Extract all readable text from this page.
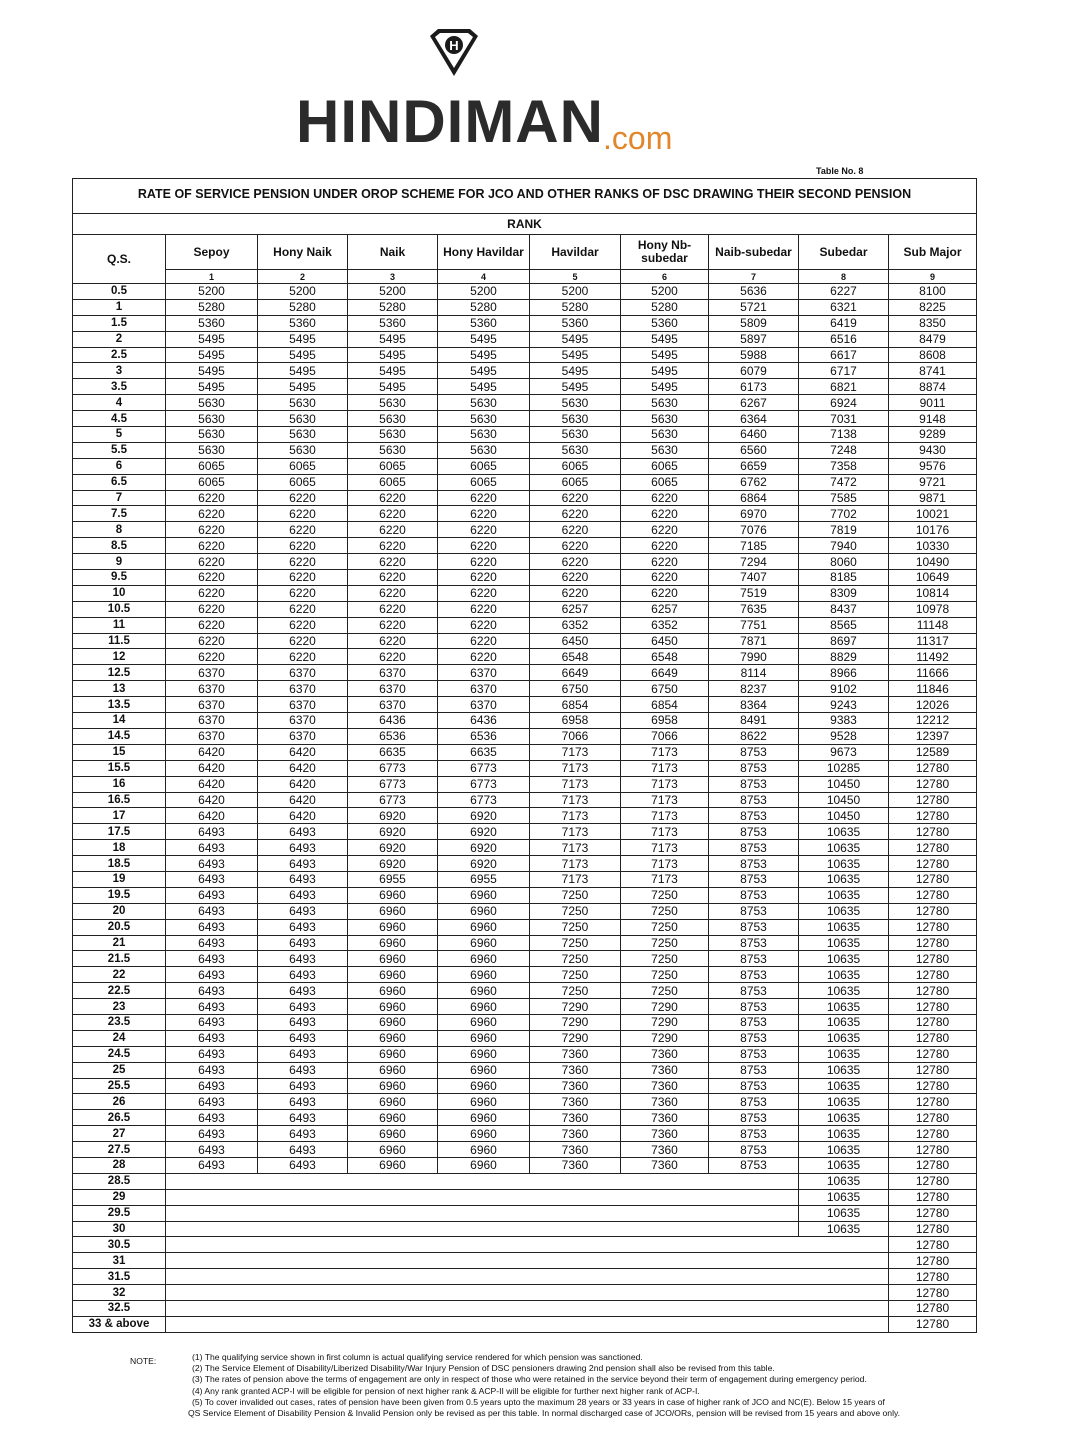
H
HINDIMAN .com
Table No. 8
RATE OF SERVICE PENSION UNDER OROP SCHEME FOR JCO AND OTHER RANKS OF DSC DRAWING THEIR SECOND PENSION									

RANK									
Q.S.	Sepoy	Hony Naik	Naik	Hony Havildar	Havildar	Hony Nb-subedar	Naib-subedar	Subedar	Sub Major
	1	2	3	4	5	6	7	8	9
0.5	5200	5200	5200	5200	5200	5200	5636	6227	8100
1	5280	5280	5280	5280	5280	5280	5721	6321	8225
1.5	5360	5360	5360	5360	5360	5360	5809	6419	8350
2	5495	5495	5495	5495	5495	5495	5897	6516	8479
2.5	5495	5495	5495	5495	5495	5495	5988	6617	8608
3	5495	5495	5495	5495	5495	5495	6079	6717	8741
3.5	5495	5495	5495	5495	5495	5495	6173	6821	8874
4	5630	5630	5630	5630	5630	5630	6267	6924	9011
4.5	5630	5630	5630	5630	5630	5630	6364	7031	9148
5	5630	5630	5630	5630	5630	5630	6460	7138	9289
5.5	5630	5630	5630	5630	5630	5630	6560	7248	9430
6	6065	6065	6065	6065	6065	6065	6659	7358	9576
6.5	6065	6065	6065	6065	6065	6065	6762	7472	9721
7	6220	6220	6220	6220	6220	6220	6864	7585	9871
7.5	6220	6220	6220	6220	6220	6220	6970	7702	10021
8	6220	6220	6220	6220	6220	6220	7076	7819	10176
8.5	6220	6220	6220	6220	6220	6220	7185	7940	10330
9	6220	6220	6220	6220	6220	6220	7294	8060	10490
9.5	6220	6220	6220	6220	6220	6220	7407	8185	10649
10	6220	6220	6220	6220	6220	6220	7519	8309	10814
10.5	6220	6220	6220	6220	6257	6257	7635	8437	10978
11	6220	6220	6220	6220	6352	6352	7751	8565	11148
11.5	6220	6220	6220	6220	6450	6450	7871	8697	11317
12	6220	6220	6220	6220	6548	6548	7990	8829	11492
12.5	6370	6370	6370	6370	6649	6649	8114	8966	11666
13	6370	6370	6370	6370	6750	6750	8237	9102	11846
13.5	6370	6370	6370	6370	6854	6854	8364	9243	12026
14	6370	6370	6436	6436	6958	6958	8491	9383	12212
14.5	6370	6370	6536	6536	7066	7066	8622	9528	12397
15	6420	6420	6635	6635	7173	7173	8753	9673	12589
15.5	6420	6420	6773	6773	7173	7173	8753	10285	12780
16	6420	6420	6773	6773	7173	7173	8753	10450	12780
16.5	6420	6420	6773	6773	7173	7173	8753	10450	12780
17	6420	6420	6920	6920	7173	7173	8753	10450	12780
17.5	6493	6493	6920	6920	7173	7173	8753	10635	12780
18	6493	6493	6920	6920	7173	7173	8753	10635	12780
18.5	6493	6493	6920	6920	7173	7173	8753	10635	12780
19	6493	6493	6955	6955	7173	7173	8753	10635	12780
19.5	6493	6493	6960	6960	7250	7250	8753	10635	12780
20	6493	6493	6960	6960	7250	7250	8753	10635	12780
20.5	6493	6493	6960	6960	7250	7250	8753	10635	12780
21	6493	6493	6960	6960	7250	7250	8753	10635	12780
21.5	6493	6493	6960	6960	7250	7250	8753	10635	12780
22	6493	6493	6960	6960	7250	7250	8753	10635	12780
22.5	6493	6493	6960	6960	7250	7250	8753	10635	12780
23	6493	6493	6960	6960	7290	7290	8753	10635	12780
23.5	6493	6493	6960	6960	7290	7290	8753	10635	12780
24	6493	6493	6960	6960	7290	7290	8753	10635	12780
24.5	6493	6493	6960	6960	7360	7360	8753	10635	12780
25	6493	6493	6960	6960	7360	7360	8753	10635	12780
25.5	6493	6493	6960	6960	7360	7360	8753	10635	12780
26	6493	6493	6960	6960	7360	7360	8753	10635	12780
26.5	6493	6493	6960	6960	7360	7360	8753	10635	12780
27	6493	6493	6960	6960	7360	7360	8753	10635	12780
27.5	6493	6493	6960	6960	7360	7360	8753	10635	12780
28	6493	6493	6960	6960	7360	7360	8753	10635	12780
28.5								10635	12780
29								10635	12780
29.5								10635	12780
30								10635	12780
30.5									12780
31									12780
31.5									12780
32									12780
32.5									12780
33 & above									12780
NOTE:	(1) The qualifying service shown in first column is actual qualifying service rendered for which pension was sanctioned.
(2) The Service Element of Disability/Liberized Disability/War Injury Pension of DSC pensioners drawing 2nd pension shall also be revised from this table.
(3) The rates of pension above the terms of engagement are only in respect of those who were retained in the service beyond their term of engagement during emergency period.
(4) Any rank granted ACP-I will be eligible for pension of next higher rank & ACP-II will be eligible for further next higher rank of ACP-I.
(5) To cover invalided out cases, rates of pension have been given from 0.5 years upto the maximum 28 years or 33 years in case of higher rank of JCO and NC(E). Below 15 years of
QS Service Element of Disability Pension & Invalid Pension only be revised as per this table. In normal discharged case of JCO/ORs, pension will be revised from 15 years and above only.
